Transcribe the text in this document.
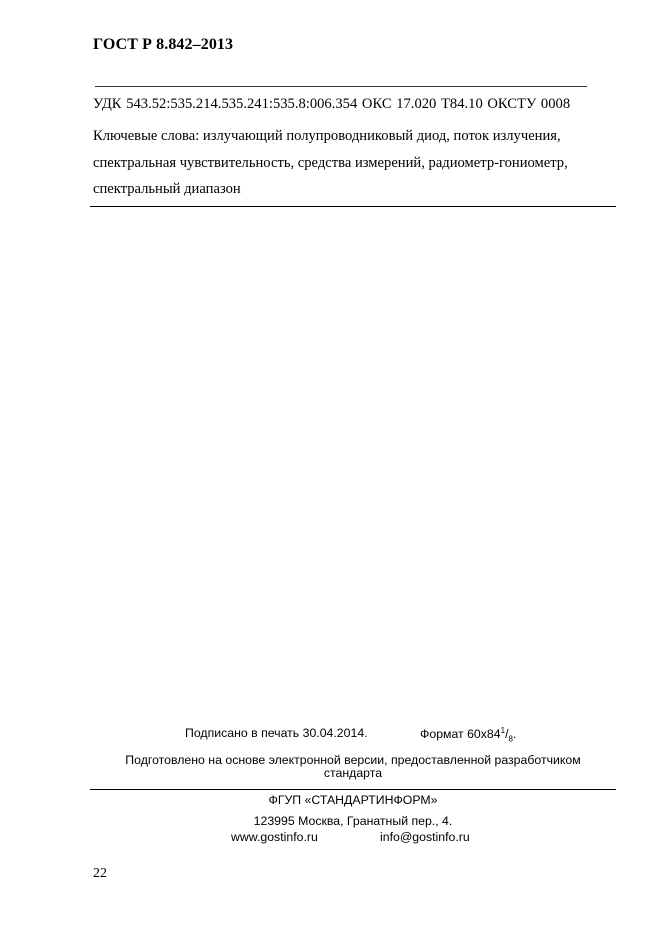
ГОСТ Р 8.842–2013
УДК 543.52:535.214.535.241:535.8:006.354 ОКС 17.020 Т84.10 ОКСТУ 0008
Ключевые слова: излучающий полупроводниковый диод, поток излучения,
спектральная чувствительность, средства измерений, радиометр-гониометр,
спектральный диапазон
Подписано в печать 30.04.2014.	Формат $60х84^1/_8$.
Подготовлено на основе электронной версии, предоставленной разработчиком
стандарта
ФГУП «СТАНДАРТИНФОРМ»
123995 Москва, Гранатный пер., 4.
www.gostinfo.ru	info@gostinfo.ru
22
